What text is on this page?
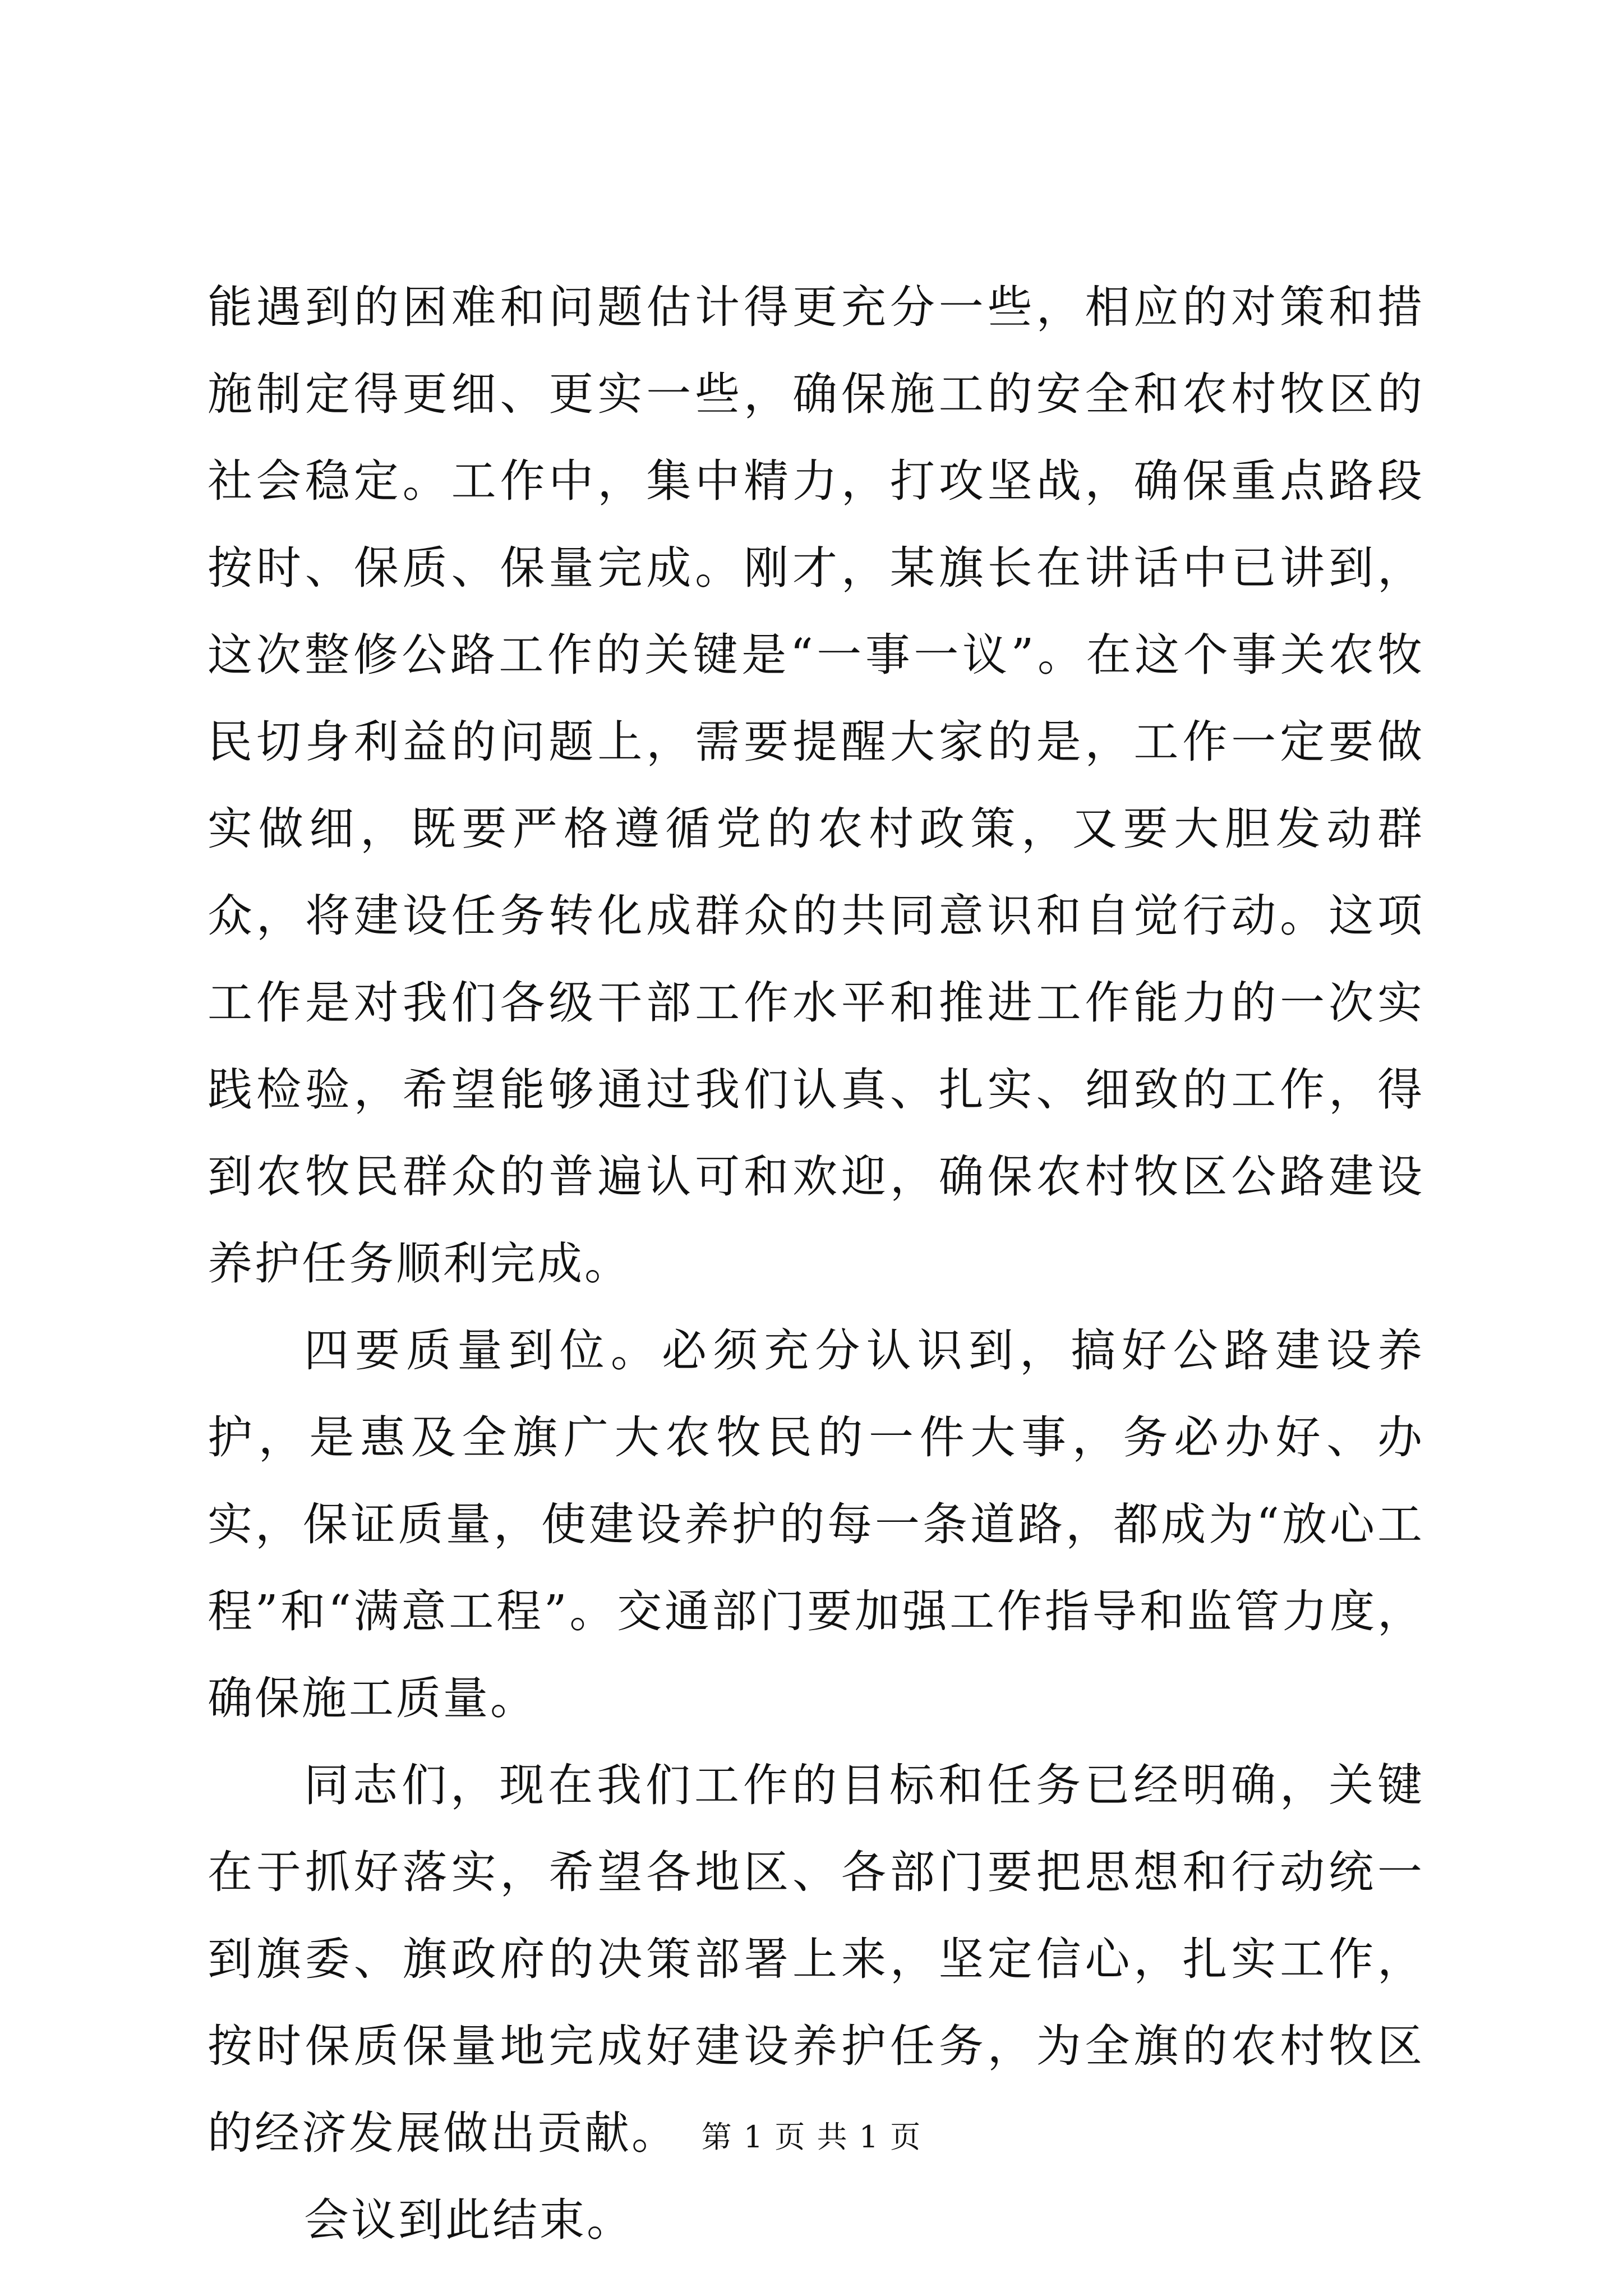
能遇到的困难和问题估计得更充分一些，相应的对策和措施制定得更细、更实一些，确保施工的安全和农村牧区的社会稳定。工作中，集中精力，打攻坚战，确保重点路段按时、保质、保量完成。刚才，某旗长在讲话中已讲到，这次整修公路工作的关键是“一事一议”。在这个事关农牧民切身利益的问题上，需要提醒大家的是，工作一定要做实做细，既要严格遵循党的农村政策，又要大胆发动群众，将建设任务转化成群众的共同意识和自觉行动。这项工作是对我们各级干部工作水平和推进工作能力的一次实践检验，希望能够通过我们认真、扎实、细致的工作，得到农牧民群众的普遍认可和欢迎，确保农村牧区公路建设养护任务顺利完成。

四要质量到位。必须充分认识到，搞好公路建设养护，是惠及全旗广大农牧民的一件大事，务必办好、办实，保证质量，使建设养护的每一条道路，都成为“放心工程”和“满意工程”。交通部门要加强工作指导和监管力度，确保施工质量。

同志们，现在我们工作的目标和任务已经明确，关键在于抓好落实，希望各地区、各部门要把思想和行动统一到旗委、旗政府的决策部署上来，坚定信心，扎实工作，按时保质保量地完成好建设养护任务，为全旗的农村牧区的经济发展做出贡献。

会议到此结束。

第 1 页 共 1 页
